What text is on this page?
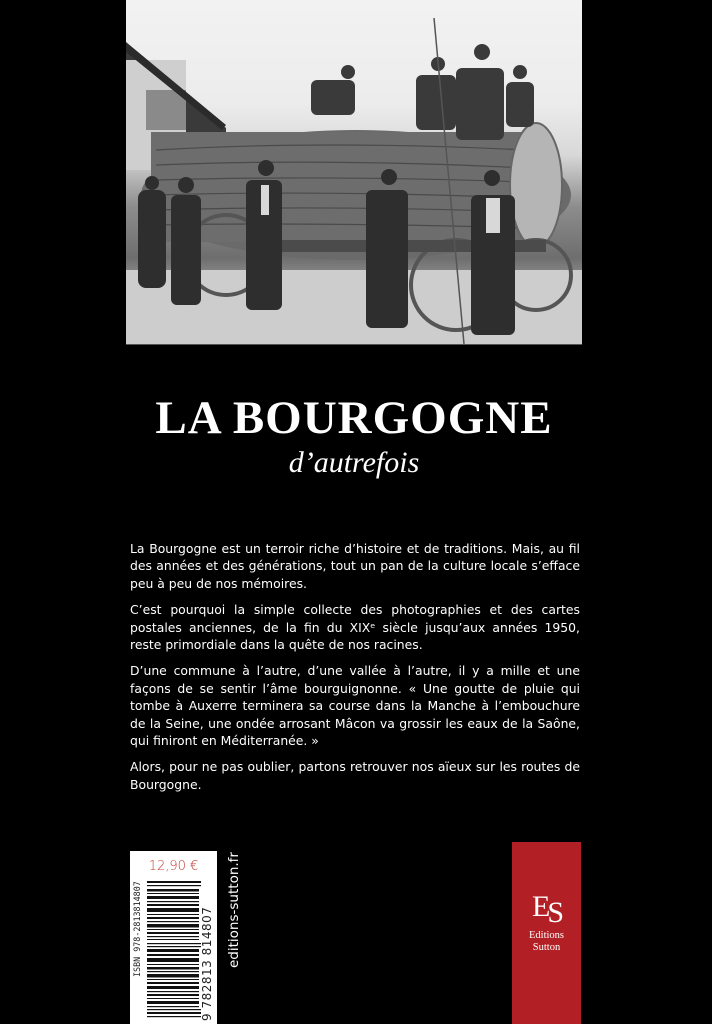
LA BOURGOGNE
d’autrefois

La Bourgogne est un terroir riche d’histoire et de traditions. Mais, au fil des années et des générations, tout un pan de la culture locale s’efface peu à peu de nos mémoires.

C’est pourquoi la simple collecte des photographies et des cartes postales anciennes, de la fin du XIXᵉ siècle jusqu’aux années 1950, reste primordiale dans la quête de nos racines.

D’une commune à l’autre, d’une vallée à l’autre, il y a mille et une façons de se sentir l’âme bourguignonne. « Une goutte de pluie qui tombe à Auxerre terminera sa course dans la Manche à l’embouchure de la Seine, une ondée arrosant Mâcon va grossir les eaux de la Saône, qui finiront en Méditerranée. »

Alors, pour ne pas oublier, partons retrouver nos aïeux sur les routes de Bourgogne.

12,90 €
ISBN 978-2813814807	9 782813 814807 editions-sutton.fr	ES
Editions
Sutton
